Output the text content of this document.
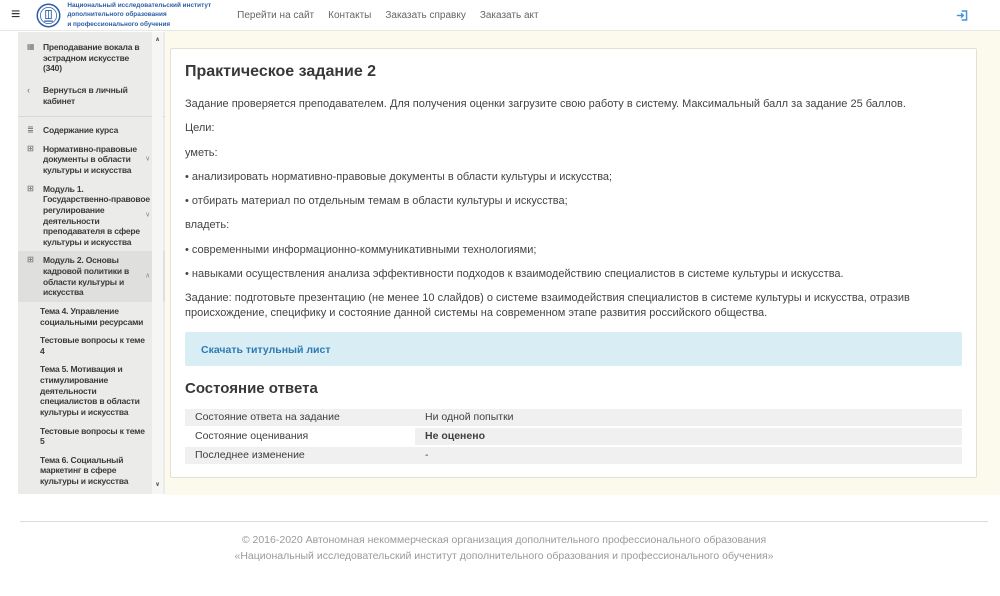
≡
Национальный исследовательский институт
дополнительного образования
и профессионального обучения
Перейти на сайт Контакты Заказать справку Заказать акт
▦	Преподавание вокала в эстрадном искусстве (340)
‹	Вернуться в личный кабинет
≣	Содержание курса
⊞	Нормативно-правовые документы в области культуры и искусства
∨
⊞	Модуль 1. Государственно-правовое регулирование деятельности преподавателя в сфере культуры и искусства
∨
⊞	Модуль 2. Основы кадровой политики в области культуры и искусства
∧
Тема 4. Управление социальными ресурсами
Тестовые вопросы к теме 4
Тема 5. Мотивация и стимулирование деятельности специалистов в области культуры и искусства
Тестовые вопросы к теме 5
Тема 6. Социальный маркетинг в сфере культуры и искусства
∧
∨
Практическое задание 2

Задание проверяется преподавателем. Для получения оценки загрузите свою работу в систему. Максимальный балл за задание 25 баллов.

Цели:

уметь:

• анализировать нормативно-правовые документы в области культуры и искусства;

• отбирать материал по отдельным темам в области культуры и искусства;

владеть:

• современными информационно-коммуникативными технологиями;

• навыками осуществления анализа эффективности подходов к взаимодействию специалистов в системе культуры и искусства.

Задание: подготовьте презентацию (не менее 10 слайдов) о системе взаимодействия специалистов в системе культуры и искусства, отразив происхождение, специфику и состояние данной системы на современном этапе развития российского общества.

Скачать титульный лист
Состояние ответа
Состояние ответа на задание	Ни одной попытки
Состояние оценивания	Не оценено
Последнее изменение	-
© 2016-2020 Автономная некоммерческая организация дополнительного профессионального образования
«Национальный исследовательский институт дополнительного образования и профессионального обучения»
